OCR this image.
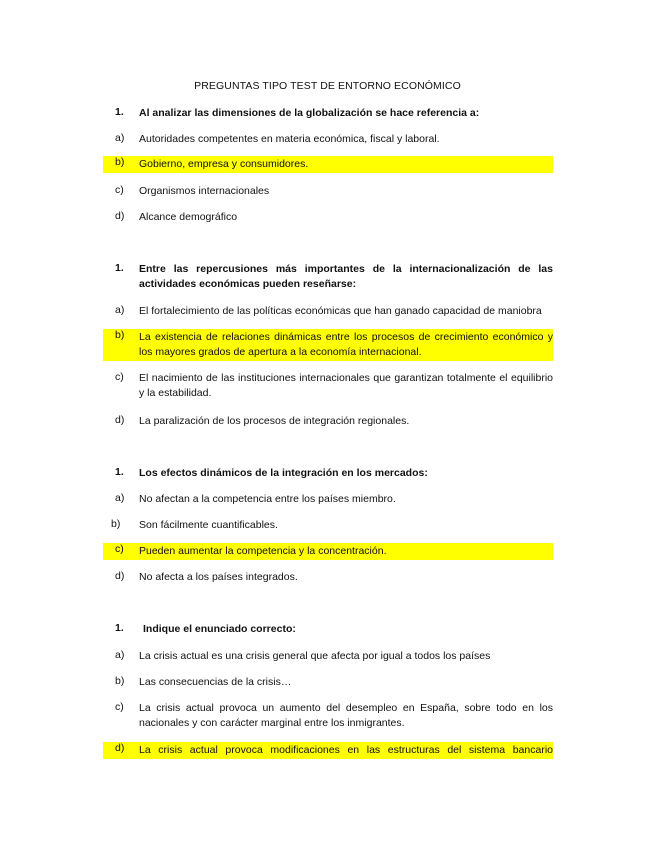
PREGUNTAS TIPO TEST DE ENTORNO ECONÓMICO
1.	Al analizar las dimensiones de la globalización se hace referencia a:
a) Autoridades competentes en materia económica, fiscal y laboral.
b) Gobierno, empresa y consumidores.
c) Organismos internacionales
d) Alcance demográfico
1.	Entre las repercusiones más importantes de la internacionalización de las actividades económicas pueden reseñarse:
a) El fortalecimiento de las políticas económicas que han ganado capacidad de maniobra
b) La existencia de relaciones dinámicas entre los procesos de crecimiento económico y los mayores grados de apertura a la economía internacional.
c) El nacimiento de las instituciones internacionales que garantizan totalmente el equilibrio y la estabilidad.
d) La paralización de los procesos de integración regionales.
1.	Los efectos dinámicos de la integración en los mercados:
a) No afectan a la competencia entre los países miembro.
b) Son fácilmente cuantificables.
c) Pueden aumentar la competencia y la concentración.
d) No afecta a los países integrados.
1.	Indique el enunciado correcto:
a) La crisis actual es una crisis general que afecta por igual a todos los países
b) Las consecuencias de la crisis…
c) La crisis actual provoca un aumento del desempleo en España, sobre todo en los nacionales y con carácter marginal entre los inmigrantes.
d) La crisis actual provoca modificaciones en las estructuras del sistema bancario
